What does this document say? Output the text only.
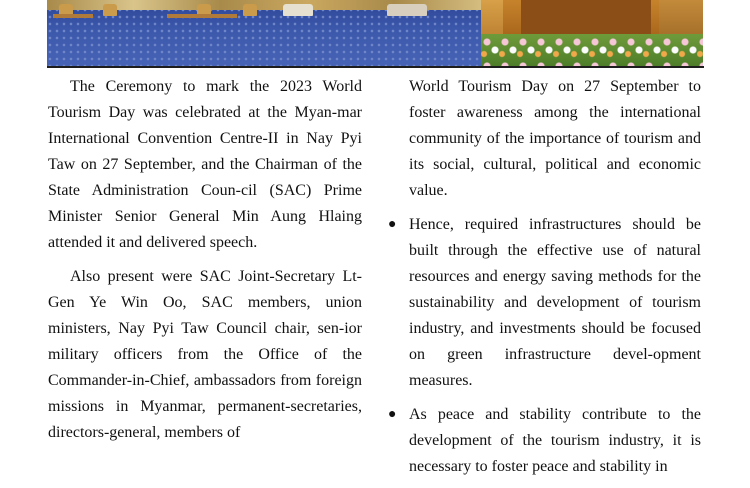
The Ceremony to mark the 2023 World Tourism Day was celebrated at the Myan-mar International Convention Centre-II in Nay Pyi Taw on 27 September, and the Chairman of the State Administration Coun-cil (SAC) Prime Minister Senior General Min Aung Hlaing attended it and delivered speech.

Also present were SAC Joint-Secretary Lt-Gen Ye Win Oo, SAC members, union ministers, Nay Pyi Taw Council chair, sen-ior military officers from the Office of the Commander-in-Chief, ambassadors from foreign missions in Myanmar, permanent-secretaries, directors-general, members of

World Tourism Day on 27 September to foster awareness among the international community of the importance of tourism and its social, cultural, political and economic value.

● Hence, required infrastructures should be built through the effective use of natural resources and energy saving methods for the sustainability and development of tourism industry, and investments should be focused on green infrastructure devel-opment measures.
● As peace and stability contribute to the development of the tourism industry, it is necessary to foster peace and stability in
